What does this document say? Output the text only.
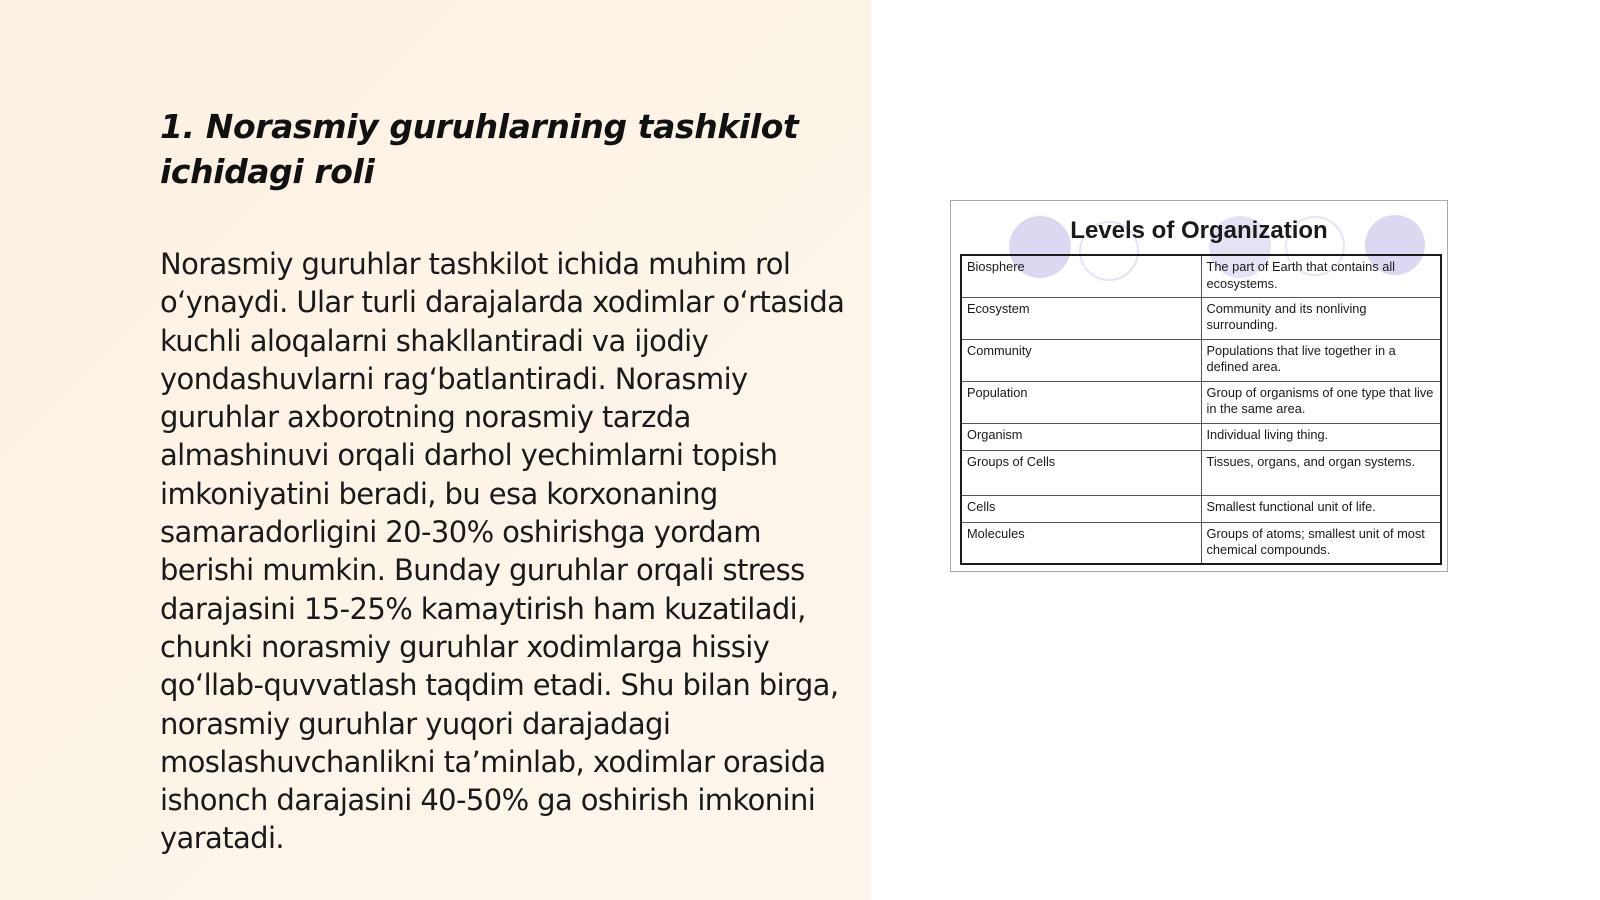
1. Norasmiy guruhlarning tashkilot ichidagi roli

Norasmiy guruhlar tashkilot ichida muhim rol oʻynaydi. Ular turli darajalarda xodimlar oʻrtasida kuchli aloqalarni shakllantiradi va ijodiy yondashuvlarni ragʻbatlantiradi. Norasmiy guruhlar axborotning norasmiy tarzda almashinuvi orqali darhol yechimlarni topish imkoniyatini beradi, bu esa korxonaning samaradorligini 20-30% oshirishga yordam berishi mumkin. Bunday guruhlar orqali stress darajasini 15-25% kamaytirish ham kuzatiladi, chunki norasmiy guruhlar xodimlarga hissiy qoʻllab-quvvatlash taqdim etadi. Shu bilan birga, norasmiy guruhlar yuqori darajadagi moslashuvchanlikni taʼminlab, xodimlar orasida ishonch darajasini 40-50% ga oshirish imkonini yaratadi.

Levels of Organization
Biosphere	The part of Earth that contains all ecosystems.
Ecosystem	Community and its nonliving surrounding.
Community	Populations that live together in a defined area.
Population	Group of organisms of one type that live in the same area.
Organism	Individual living thing.
Groups of Cells	Tissues, organs, and organ systems.
Cells	Smallest functional unit of life.
Molecules	Groups of atoms; smallest unit of most chemical compounds.
